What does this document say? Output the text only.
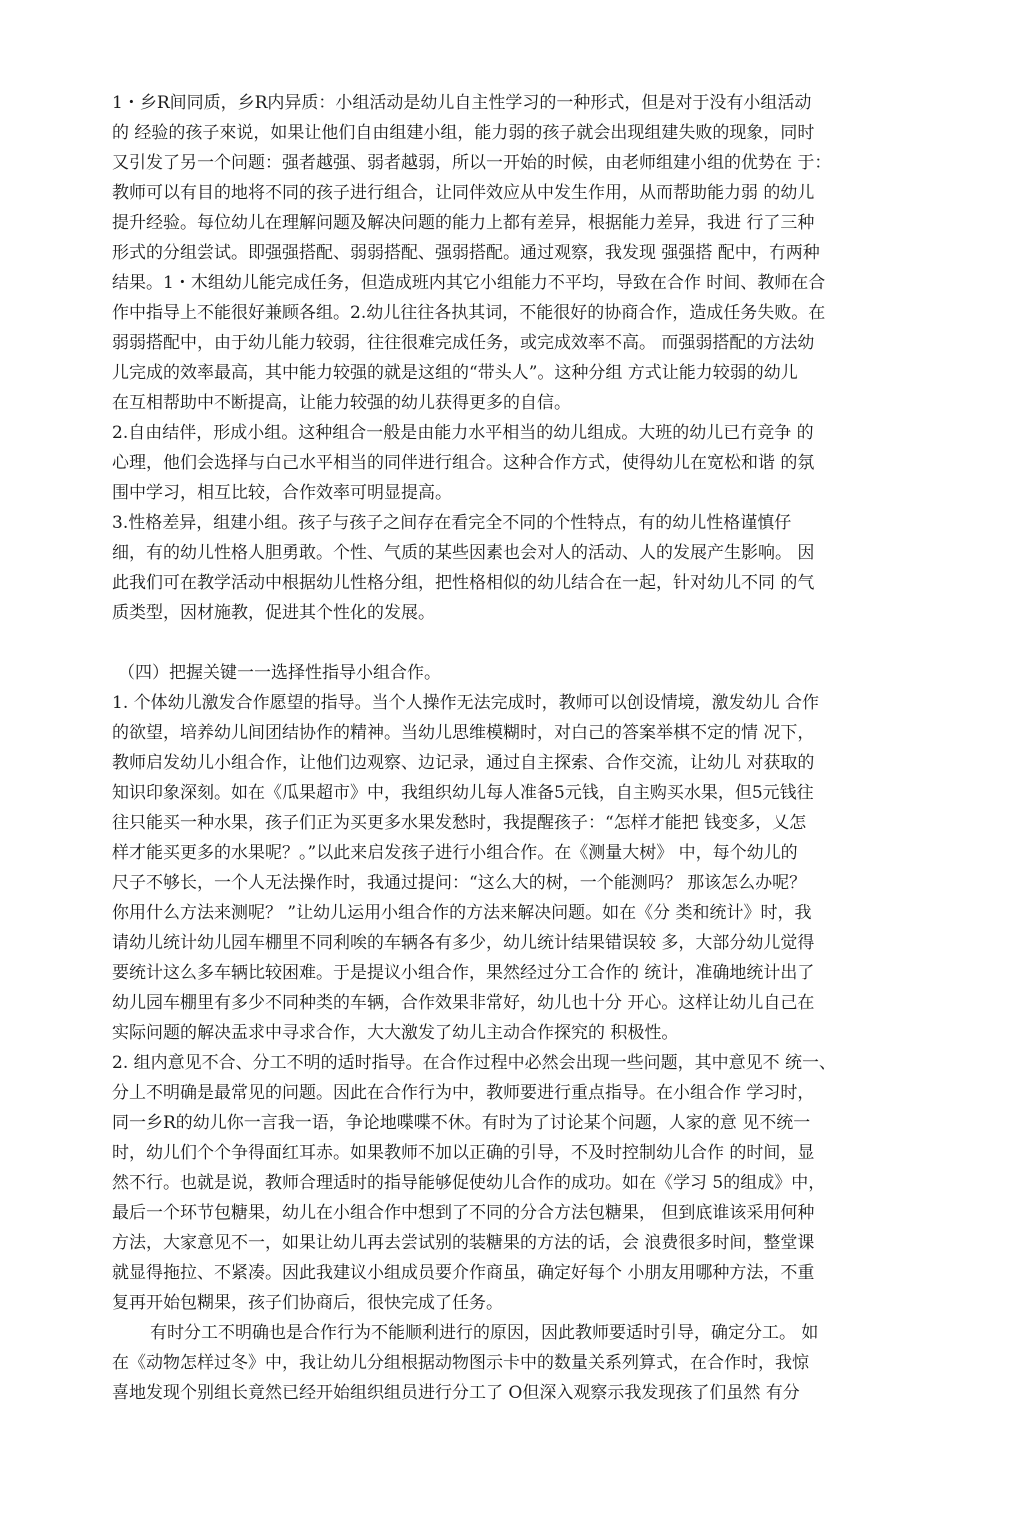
1・乡R间同质，乡R内异质：小组活动是幼儿自主性学习的一种形式，但是对于没有小组活动
的 经验的孩子來说，如果让他们自由组建小组，能力弱的孩子就会出现组建失败的现象，同时
又引发了另一个问题：强者越强、弱者越弱，所以一开始的时候，由老师组建小组的优势在 于：
教师可以有目的地将不同的孩子进行组合，让同伴效应从中发生作用，从而帮助能力弱 的幼儿
提升经验。每位幼儿在理解问题及解决问题的能力上都有差异，根据能力差异，我进 行了三种
形式的分组尝试。即强强搭配、弱弱搭配、强弱搭配。通过观察，我发现 强强搭 配中，冇两种
结果。1・木组幼儿能完成任务，但造成班内其它小组能力不平均，导致在合作 时间、教师在合
作中指导上不能很好兼顾各组。2.幼儿往往各执其词，不能很好的协商合作，造成任务失败。在
弱弱搭配中，由于幼儿能力较弱，往往很难完成任务，或完成效率不高。 而强弱搭配的方法幼
儿完成的效率最高，其中能力较强的就是这组的“带头人”。这种分组 方式让能力较弱的幼儿
在互相帮助中不断提高，让能力较强的幼儿获得更多的自信。
2.自由结伴，形成小组。这种组合一般是由能力水平相当的幼儿组成。大班的幼儿已冇竞争 的
心理，他们会选择与白己水平相当的同伴进行组合。这种合作方式，使得幼儿在宽松和谐 的氛
围中学习，相互比较，合作效率可明显提高。
3.性格差异，组建小组。孩子与孩子之间存在看完全不同的个性特点，有的幼儿性格谨慎仔
细，有的幼儿性格人胆勇敢。个性、气质的某些因素也会对人的活动、人的发展产生影响。 因
此我们可在教学活动中根据幼儿性格分组，把性格相似的幼儿结合在一起，针对幼儿不同 的气
质类型，因材施教，促进其个性化的发展。
（四）把握关键一一选择性指导小组合作。
1. 个体幼儿激发合作愿望的指导。当个人操作无法完成时，教师可以创设情境，激发幼儿 合作
的欲望，培养幼儿间团结协作的精神。当幼儿思维模糊时，对白己的答案举棋不定的情 况下，
教师启发幼儿小组合作，让他们边观察、边记录，通过自主探索、合作交流，让幼儿 对获取的
知识印象深刻。如在《瓜果超市》中，我组织幼儿每人准备5元钱，自主购买水果，但5元钱往
往只能买一种水果，孩子们正为买更多水果发愁时，我提醒孩子：“怎样才能把 钱变多，乂怎
样才能买更多的水果呢？。”以此来启发孩子进行小组合作。在《测量大树》 中，每个幼儿的
尺子不够长，一个人无法操作时，我通过提问：“这么大的树，一个能测吗？ 那该怎么办呢？
你用什么方法来测呢？ ”让幼儿运用小组合作的方法来解决问题。如在《分 类和统计》时，我
请幼儿统计幼儿园车棚里不同利唉的车辆各有多少，幼儿统计结果错误较 多，大部分幼儿觉得
要统计这么多车辆比较困难。于是提议小组合作，果然经过分工合作的 统计，准确地统计出了
幼儿园车棚里有多少不同种类的车辆，合作效果非常好，幼儿也十分 开心。这样让幼儿自己在
实际问题的解决盂求中寻求合作，大大激发了幼儿主动合作探究的 积极性。
2. 组内意见不合、分工不明的适时指导。在合作过程中必然会出现一些问题，其中意见不 统一、
分丄不明确是最常见的问题。因此在合作行为中，教师要进行重点指导。在小组合作 学习时，
同一乡R的幼儿你一言我一语，争论地喋喋不休。有时为了讨论某个问题，人家的意 见不统一
时，幼儿们个个争得面红耳赤。如果教师不加以正确的引导，不及时控制幼儿合作 的时间，显
然不行。也就是说，教师合理适时的指导能够促使幼儿合作的成功。如在《学习 5的组成》中，
最后一个环节包糖果，幼儿在小组合作中想到了不同的分合方法包糖果， 但到底谁该采用何种
方法，大家意见不一，如果让幼儿再去尝试别的装糖果的方法的话，会 浪费很多时间，整堂课
就显得拖拉、不紧凑。因此我建议小组成员要介作商虽，确定好每个 小朋友用哪种方法，不重
复再开始包糊果，孩子们协商后，很快完成了任务。
有时分工不明确也是合作行为不能顺利进行的原因，因此教师要适时引导，确定分工。 如
在《动物怎样过冬》中，我让幼儿分组根据动物图示卡中的数量关系列算式，在合作时，我惊
喜地发现个别组长竟然已经开始组织组员进行分工了 O但深入观察示我发现孩了们虽然 有分
